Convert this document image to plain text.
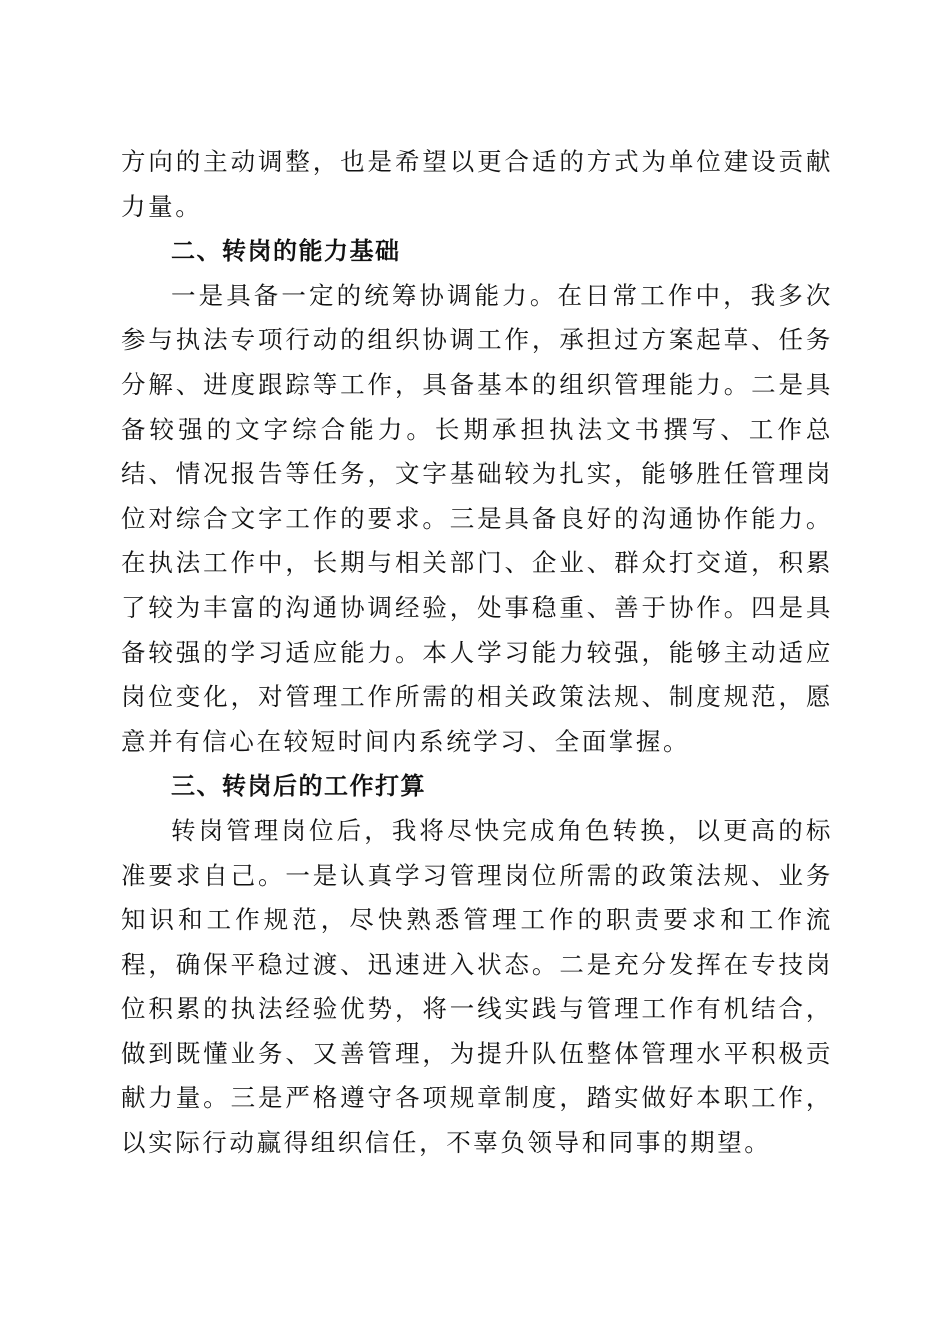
方向的主动调整，也是希望以更合适的方式为单位建设贡献力量。

二、转岗的能力基础

一是具备一定的统筹协调能力。在日常工作中，我多次参与执法专项行动的组织协调工作，承担过方案起草、任务分解、进度跟踪等工作，具备基本的组织管理能力。二是具备较强的文字综合能力。长期承担执法文书撰写、工作总结、情况报告等任务，文字基础较为扎实，能够胜任管理岗位对综合文字工作的要求。三是具备良好的沟通协作能力。在执法工作中，长期与相关部门、企业、群众打交道，积累了较为丰富的沟通协调经验，处事稳重、善于协作。四是具备较强的学习适应能力。本人学习能力较强，能够主动适应岗位变化，对管理工作所需的相关政策法规、制度规范，愿意并有信心在较短时间内系统学习、全面掌握。

三、转岗后的工作打算

转岗管理岗位后，我将尽快完成角色转换，以更高的标准要求自己。一是认真学习管理岗位所需的政策法规、业务知识和工作规范，尽快熟悉管理工作的职责要求和工作流程，确保平稳过渡、迅速进入状态。二是充分发挥在专技岗位积累的执法经验优势，将一线实践与管理工作有机结合，做到既懂业务、又善管理，为提升队伍整体管理水平积极贡献力量。三是严格遵守各项规章制度，踏实做好本职工作，以实际行动赢得组织信任，不辜负领导和同事的期望。
